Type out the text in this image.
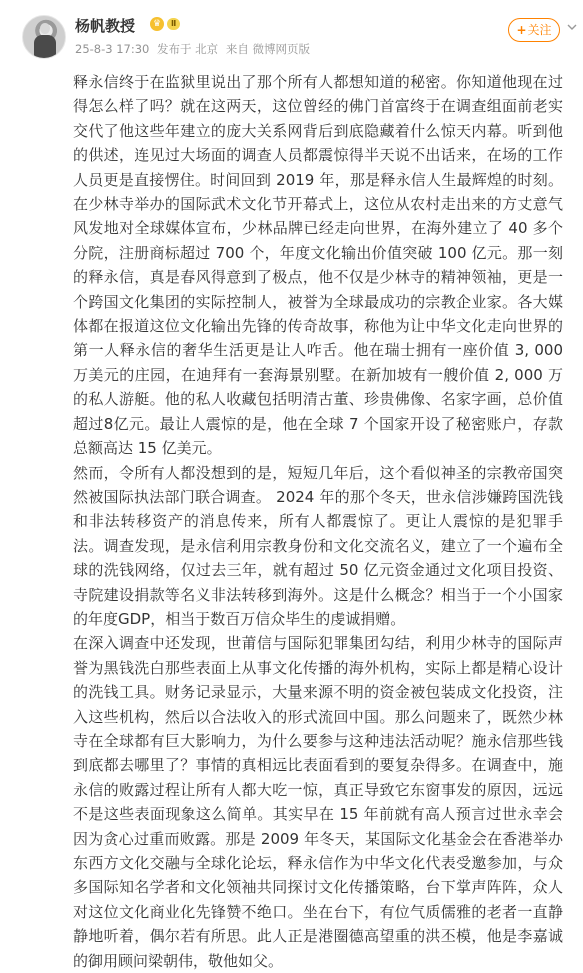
杨帆教授	♛	Ⅱ
25-8-3 17:30 发布于 北京 来自 微博网页版
+关注

释永信终于在监狱里说出了那个所有人都想知道的秘密。你知道他现在过得怎么样了吗？就在这两天，这位曾经的佛门首富终于在调查组面前老实交代了他这些年建立的庞大关系网背后到底隐藏着什么惊天内幕。听到他的供述，连见过大场面的调查人员都震惊得半天说不出话来，在场的工作人员更是直接愣住。时间回到 2019 年，那是释永信人生最辉煌的时刻。在少林寺举办的国际武术文化节开幕式上，这位从农村走出来的方丈意气风发地对全球媒体宣布，少林品牌已经走向世界，在海外建立了 40 多个分院，注册商标超过 700 个，年度文化输出价值突破 100 亿元。那一刻的释永信，真是春风得意到了极点，他不仅是少林寺的精神领袖，更是一个跨国文化集团的实际控制人，被誉为全球最成功的宗教企业家。各大媒体都在报道这位文化输出先锋的传奇故事，称他为让中华文化走向世界的第一人释永信的奢华生活更是让人咋舌。他在瑞士拥有一座价值 3, 000 万美元的庄园，在迪拜有一套海景别墅。在新加坡有一艘价值 2, 000 万的私人游艇。他的私人收藏包括明清古董、珍贵佛像、名家字画，总价值超过8亿元。最让人震惊的是，他在全球 7 个国家开设了秘密账户，存款总额高达 15 亿美元。

然而，令所有人都没想到的是，短短几年后，这个看似神圣的宗教帝国突然被国际执法部门联合调查。 2024 年的那个冬天，世永信涉嫌跨国洗钱和非法转移资产的消息传来，所有人都震惊了。更让人震惊的是犯罪手法。调查发现，是永信利用宗教身份和文化交流名义，建立了一个遍布全球的洗钱网络，仅过去三年，就有超过 50 亿元资金通过文化项目投资、寺院建设捐款等名义非法转移到海外。这是什么概念？相当于一个小国家的年度GDP，相当于数百万信众毕生的虔诚捐赠。

在深入调查中还发现，世莆信与国际犯罪集团勾结，利用少林寺的国际声誉为黑钱洗白那些表面上从事文化传播的海外机构，实际上都是精心设计的洗钱工具。财务记录显示，大量来源不明的资金被包装成文化投资，注入这些机构，然后以合法收入的形式流回中国。那么问题来了，既然少林寺在全球都有巨大影响力，为什么要参与这种违法活动呢？施永信那些钱到底都去哪里了？事情的真相远比表面看到的要复杂得多。在调查中，施永信的败露过程让所有人都大吃一惊，真正导致它东窗事发的原因，远远不是这些表面现象这么简单。其实早在 15 年前就有高人预言过世永幸会因为贪心过重而败露。那是 2009 年冬天，某国际文化基金会在香港举办东西方文化交融与全球化论坛，释永信作为中华文化代表受邀参加，与众多国际知名学者和文化领袖共同探讨文化传播策略，台下掌声阵阵，众人对这位文化商业化先锋赞不绝口。坐在台下，有位气质儒雅的老者一直静静地听着，偶尔若有所思。此人正是港圈德高望重的洪丕模，他是李嘉诚的御用顾问梁朝伟，敬他如父。
